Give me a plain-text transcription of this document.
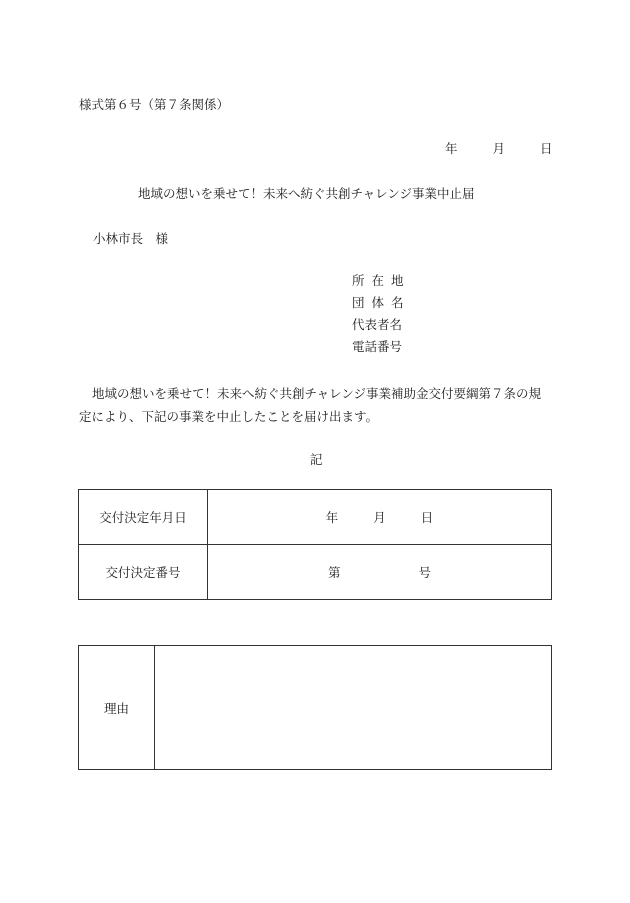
様式第６号（第７条関係）
年	月	日
地域の想いを乗せて！未来へ紡ぐ共創チャレンジ事業中止届
小林市長　様
所在地
団体名
代表者名
電話番号
地域の想いを乗せて！未来へ紡ぐ共創チャレンジ事業補助金交付要綱第７条の規定により、下記の事業を中止したことを届け出ます。
記
交付決定年月日	年 月 日
交付決定番号	第 号
理由	
